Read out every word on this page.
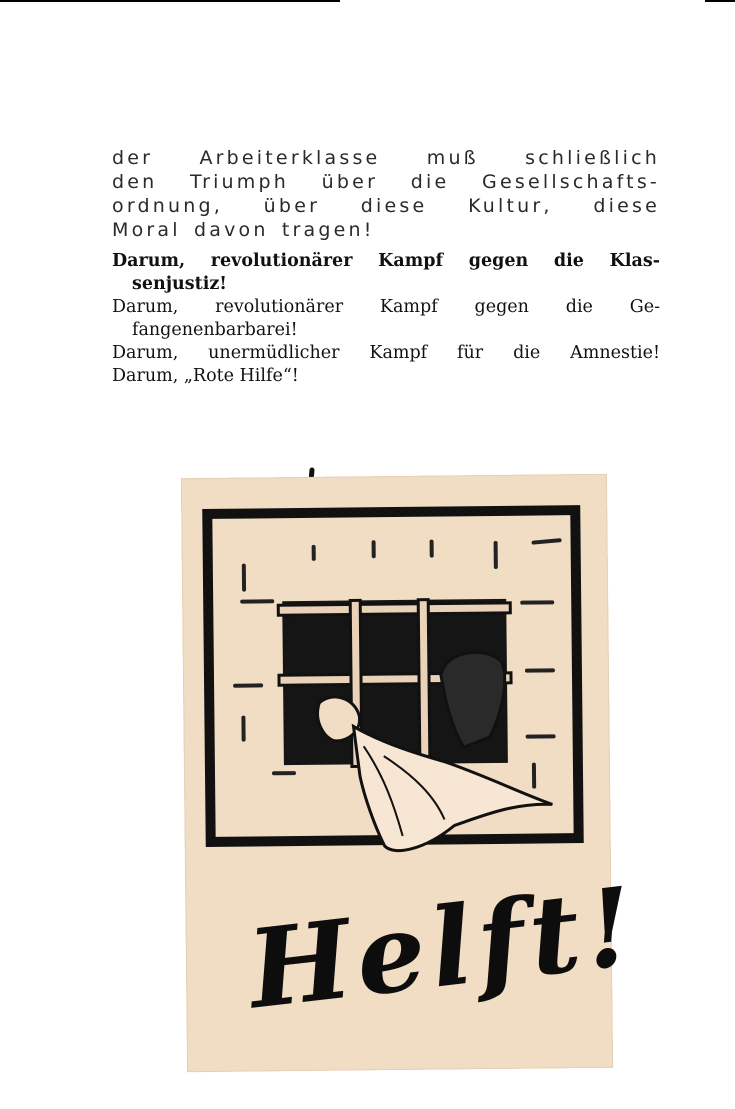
der Arbeiterklasse muß schließlich

den Triumph über die Gesellschafts-

ordnung, über diese Kultur, diese

Moral davon tragen!

Darum, revolutionärer Kampf gegen die Klas-
senjustiz!
Darum, revolutionärer Kampf gegen die Ge-
fangenenbarbarei!
Darum, unermüdlicher Kampf für die Amnestie!
Darum, „Rote Hilfe“!
Helft!
